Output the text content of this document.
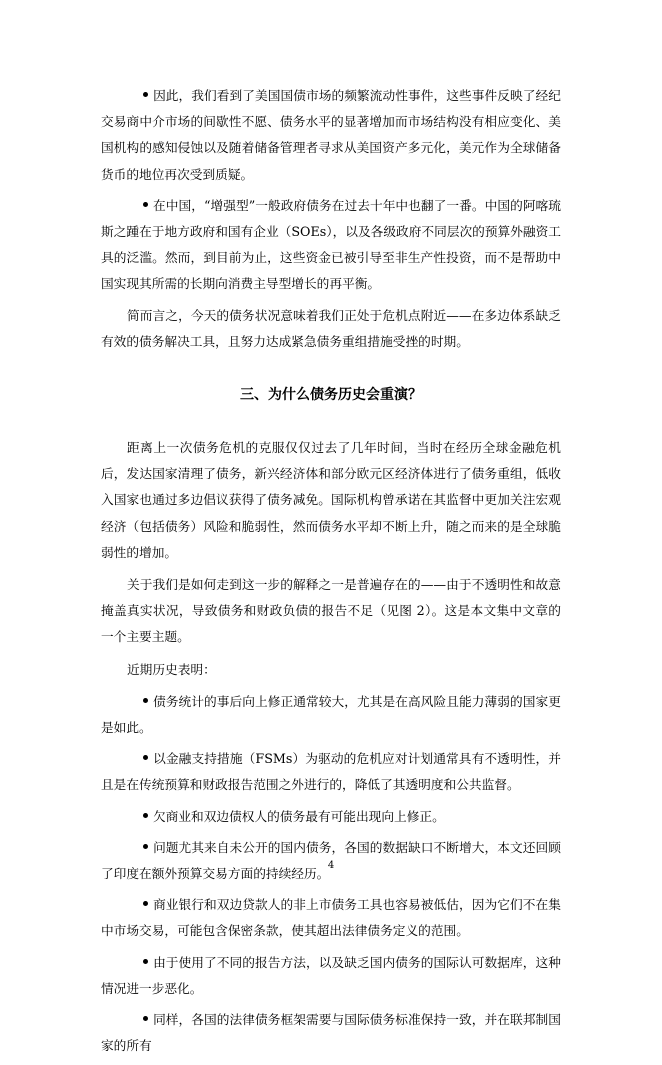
因此，我们看到了美国国债市场的频繁流动性事件，这些事件反映了经纪交易商中介市场的间歇性不愿、债务水平的显著增加而市场结构没有相应变化、美国机构的感知侵蚀以及随着储备管理者寻求从美国资产多元化，美元作为全球储备货币的地位再次受到质疑。

在中国，“增强型”一般政府债务在过去十年中也翻了一番。中国的阿喀琉斯之踵在于地方政府和国有企业（SOEs），以及各级政府不同层次的预算外融资工具的泛滥。然而，到目前为止，这些资金已被引导至非生产性投资，而不是帮助中国实现其所需的长期向消费主导型增长的再平衡。

简而言之，今天的债务状况意味着我们正处于危机点附近——在多边体系缺乏有效的债务解决工具，且努力达成紧急债务重组措施受挫的时期。

三、为什么债务历史会重演？

距离上一次债务危机的克服仅仅过去了几年时间，当时在经历全球金融危机后，发达国家清理了债务，新兴经济体和部分欧元区经济体进行了债务重组，低收入国家也通过多边倡议获得了债务减免。国际机构曾承诺在其监督中更加关注宏观经济（包括债务）风险和脆弱性，然而债务水平却不断上升，随之而来的是全球脆弱性的增加。

关于我们是如何走到这一步的解释之一是普遍存在的——由于不透明性和故意掩盖真实状况，导致债务和财政负债的报告不足（见图 2）。这是本文集中文章的一个主要主题。

近期历史表明：

债务统计的事后向上修正通常较大，尤其是在高风险且能力薄弱的国家更是如此。

以金融支持措施（FSMs）为驱动的危机应对计划通常具有不透明性，并且是在传统预算和财政报告范围之外进行的，降低了其透明度和公共监督。

欠商业和双边债权人的债务最有可能出现向上修正。

问题尤其来自未公开的国内债务，各国的数据缺口不断增大，本文还回顾了印度在额外预算交易方面的持续经历。

商业银行和双边贷款人的非上市债务工具也容易被低估，因为它们不在集中市场交易，可能包含保密条款，使其超出法律债务定义的范围。

由于使用了不同的报告方法，以及缺乏国内债务的国际认可数据库，这种情况进一步恶化。

同样，各国的法律债务框架需要与国际债务标准保持一致，并在联邦制国家的所有

4
